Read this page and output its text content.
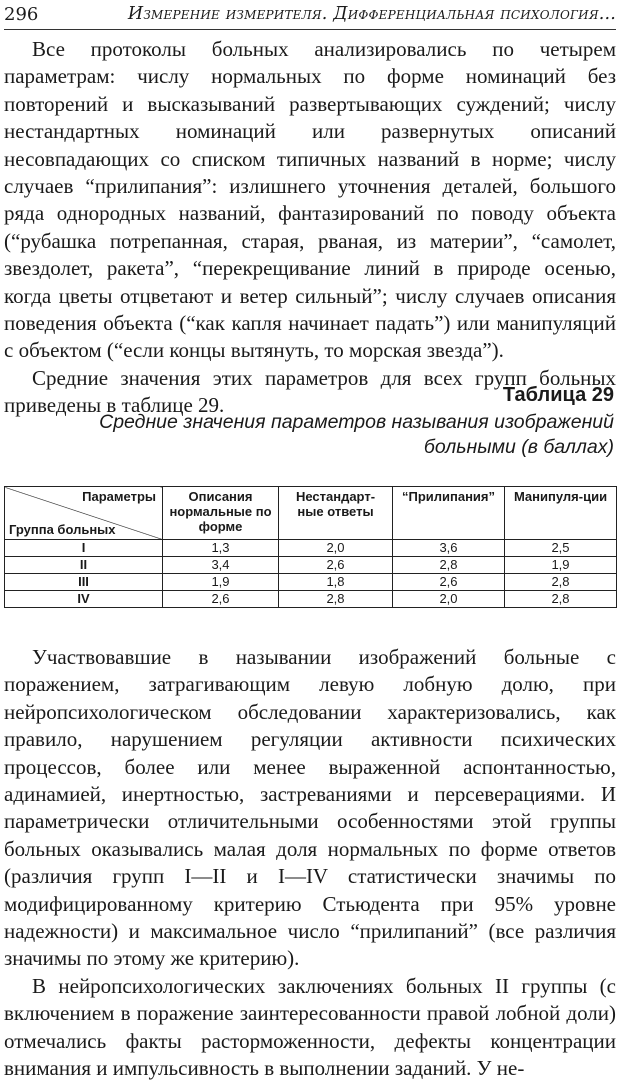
296	Измерение измерителя. Дифференциальная психология...

Все протоколы больных анализировались по четырем параметрам: числу нормальных по форме номинаций без повторений и высказываний развертывающих суждений; числу нестандартных номинаций или развернутых описаний несовпадающих со списком типичных названий в норме; числу случаев “прилипания”: излишнего уточнения деталей, большого ряда однородных названий, фантазирований по поводу объекта (“рубашка потрепанная, старая, рваная, из материи”, “самолет, звездолет, ракета”, “перекрещивание линий в природе осенью, когда цветы отцветают и ветер сильный”; числу случаев описания поведения объекта (“как капля начинает падать”) или манипуляций с объектом (“если концы вытянуть, то морская звезда”).

Средние значения этих параметров для всех групп больных приведены в таблице 29.	Таблица 29
Средние значения параметров называния изображений больными (в баллах)
Параметры
Группа больных	Описания нормальные по форме	Нестандарт-ные ответы	“Прилипания”	Манипуля-ции
I	1,3	2,0	3,6	2,5
II	3,4	2,6	2,8	1,9
III	1,9	1,8	2,6	2,8
IV	2,6	2,8	2,0	2,8

Участвовавшие в назывании изображений больные с поражением, затрагивающим левую лобную долю, при нейропсихологическом обследовании характеризовались, как правило, нарушением регуляции активности психических процессов, более или менее выраженной аспонтанностью, адинамией, инертностью, застреваниями и персеверациями. И параметрически отличительными особенностями этой группы больных оказывались малая доля нормальных по форме ответов (различия групп I—II и I—IV статистически значимы по модифицированному критерию Стьюдента при 95% уровне надежности) и максимальное число “прилипаний” (все различия значимы по этому же критерию).

В нейропсихологических заключениях больных II группы (с включением в поражение заинтересованности правой лобной доли) отмечались факты расторможенности, дефекты концентрации внимания и импульсивность в выполнении заданий. У не-
